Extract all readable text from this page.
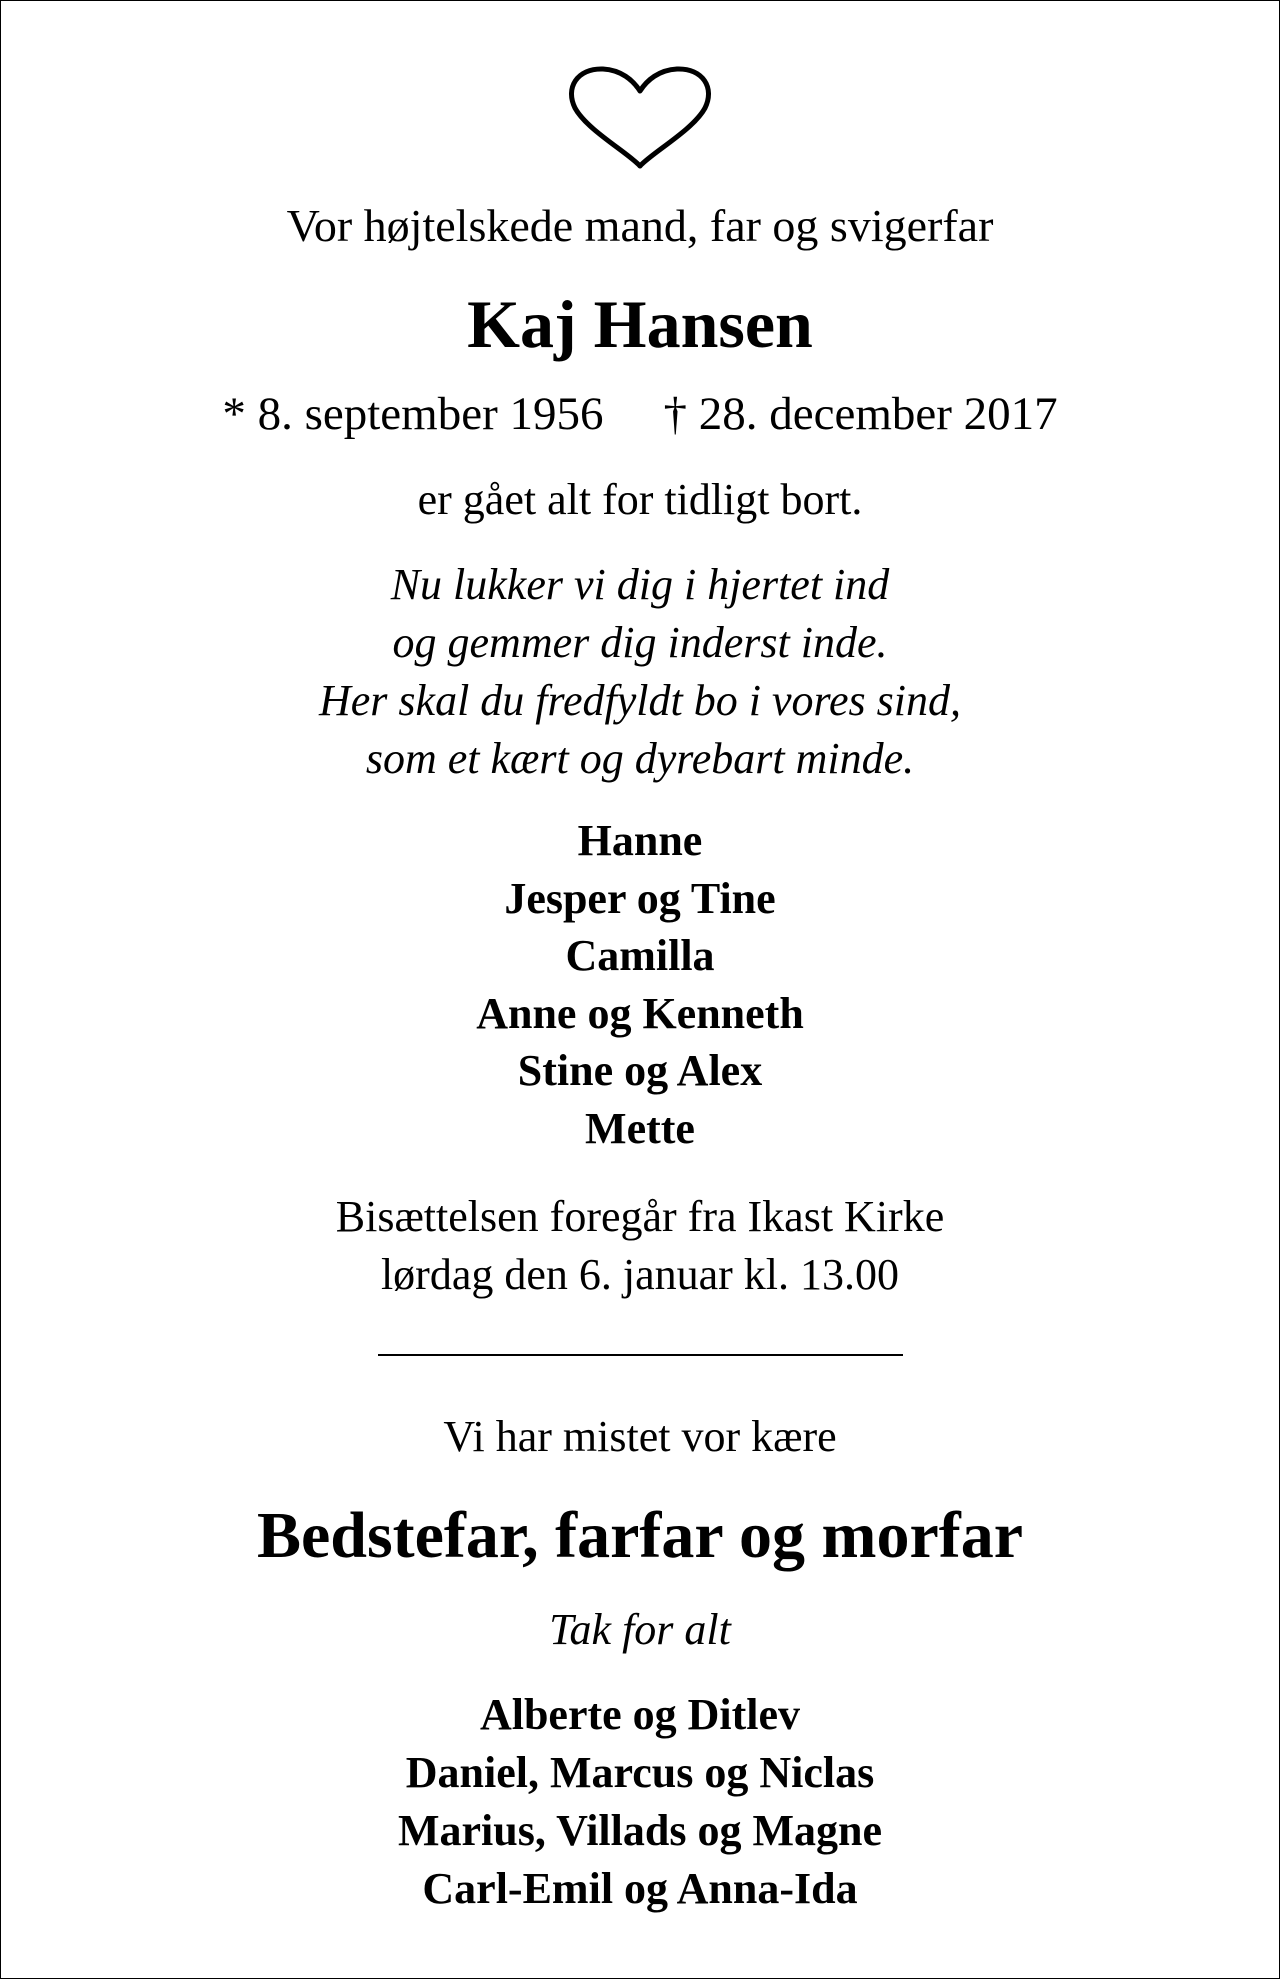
Vor højtelskede mand, far og svigerfar
Kaj Hansen
* 8. september 1956 † 28. december 2017
er gået alt for tidligt bort.
Nu lukker vi dig i hjertet ind
og gemmer dig inderst inde.
Her skal du fredfyldt bo i vores sind,
som et kært og dyrebart minde.
Hanne
Jesper og Tine
Camilla
Anne og Kenneth
Stine og Alex
Mette
Bisættelsen foregår fra Ikast Kirke
lørdag den 6. januar kl. 13.00
Vi har mistet vor kære
Bedstefar, farfar og morfar
Tak for alt
Alberte og Ditlev
Daniel, Marcus og Niclas
Marius, Villads og Magne
Carl-Emil og Anna-Ida
